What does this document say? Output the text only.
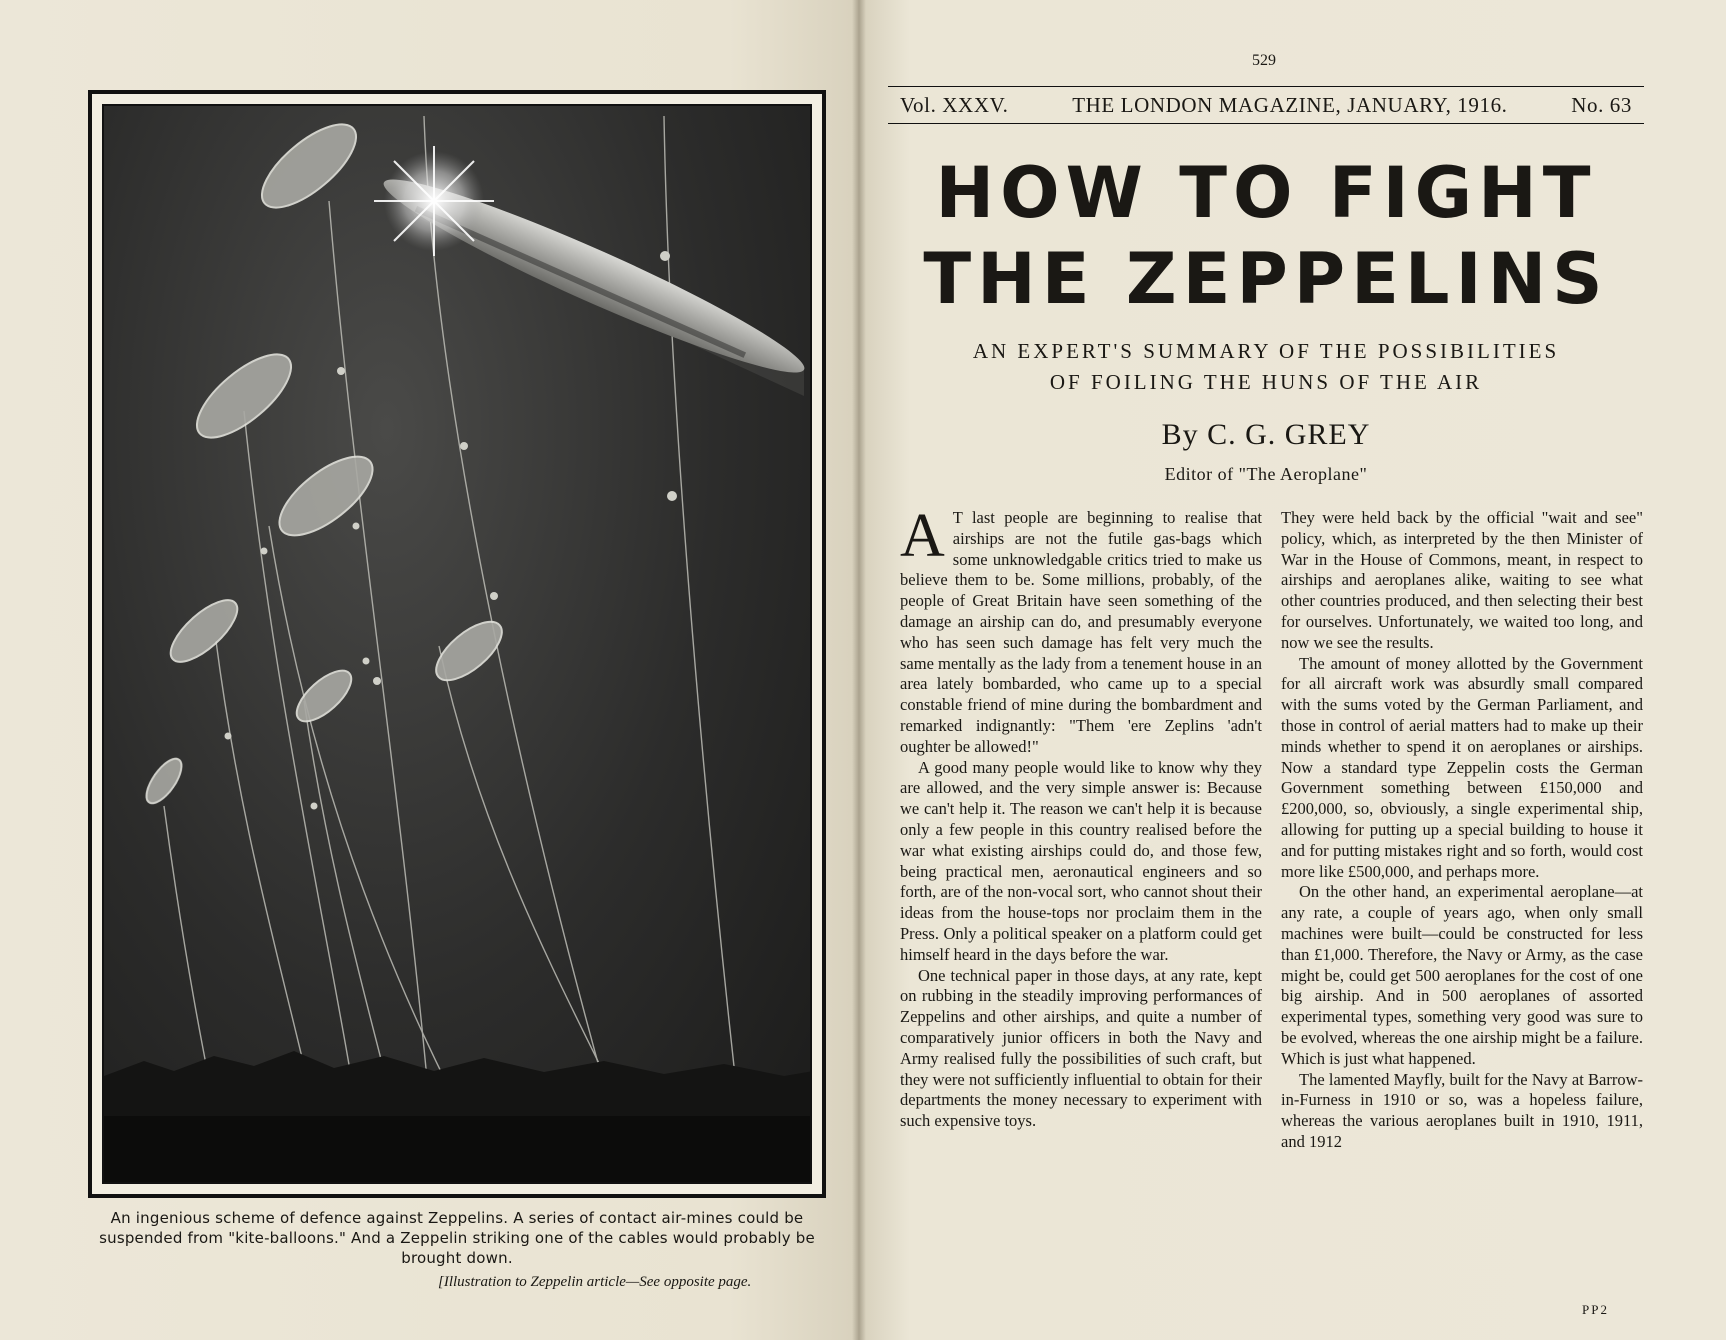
An ingenious scheme of defence against Zeppelins. A series of contact air-mines could be suspended from "kite-balloons." And a Zeppelin striking one of the cables would probably be brought down.
[Illustration to Zeppelin article—See opposite page.
529
Vol. XXXV.	THE LONDON MAGAZINE, JANUARY, 1916.	No. 63
HOW TO FIGHT
THE ZEPPELINS
AN EXPERT'S SUMMARY OF THE POSSIBILITIES
OF FOILING THE HUNS OF THE AIR
By C. G. GREY
Editor of "The Aeroplane"

A T last people are beginning to realise that airships are not the futile gas-bags which some unknowledgable critics tried to make us believe them to be. Some millions, probably, of the people of Great Britain have seen something of the damage an airship can do, and presumably everyone who has seen such damage has felt very much the same mentally as the lady from a tenement house in an area lately bombarded, who came up to a special constable friend of mine during the bombardment and remarked indignantly: "Them 'ere Zeplins 'adn't oughter be allowed!"

A good many people would like to know why they are allowed, and the very simple answer is: Because we can't help it. The reason we can't help it is because only a few people in this country realised before the war what existing airships could do, and those few, being practical men, aeronautical engineers and so forth, are of the non-vocal sort, who cannot shout their ideas from the house-tops nor proclaim them in the Press. Only a political speaker on a platform could get himself heard in the days before the war.

One technical paper in those days, at any rate, kept on rubbing in the steadily improving performances of Zeppelins and other airships, and quite a number of comparatively junior officers in both the Navy and Army realised fully the possibilities of such craft, but they were not sufficiently influential to obtain for their departments the money necessary to experiment with such expensive toys.

They were held back by the official "wait and see" policy, which, as interpreted by the then Minister of War in the House of Commons, meant, in respect to airships and aeroplanes alike, waiting to see what other countries produced, and then selecting their best for ourselves. Unfortunately, we waited too long, and now we see the results.

The amount of money allotted by the Government for all aircraft work was absurdly small compared with the sums voted by the German Parliament, and those in control of aerial matters had to make up their minds whether to spend it on aeroplanes or airships. Now a standard type Zeppelin costs the German Government something between £150,000 and £200,000, so, obviously, a single experimental ship, allowing for putting up a special building to house it and for putting mistakes right and so forth, would cost more like £500,000, and perhaps more.

On the other hand, an experimental aeroplane—at any rate, a couple of years ago, when only small machines were built—could be constructed for less than £1,000. Therefore, the Navy or Army, as the case might be, could get 500 aeroplanes for the cost of one big airship. And in 500 aeroplanes of assorted experimental types, something very good was sure to be evolved, whereas the one airship might be a failure. Which is just what happened.

The lamented Mayfly, built for the Navy at Barrow-in-Furness in 1910 or so, was a hopeless failure, whereas the various aeroplanes built in 1910, 1911, and 1912

PP2
